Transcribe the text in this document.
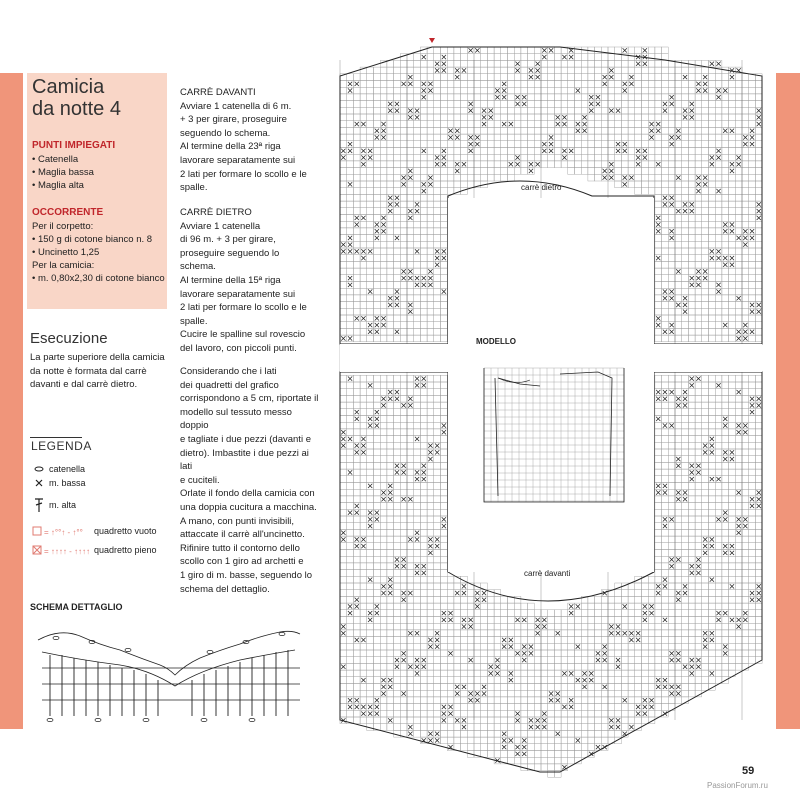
Camicia
da notte 4
PUNTI IMPIEGATI
• Catenella
• Maglia bassa
• Maglia alta
OCCORRENTE
Per il corpetto:
• 150 g di cotone bianco n. 8
• Uncinetto 1,25
Per la camicia:
• m. 0,80x2,30 di cotone bianco
Esecuzione
La parte superiore della camicia da notte è formata dal carrè davanti e dal carrè dietro.
LEGENDA
catenella
m. bassa
m. alta
= ↑°°↑ - ↑°° quadretto vuoto
= ↑↑↑↑ - ↑↑↑↑ quadretto pieno
SCHEMA DETTAGLIO
CARRÈ DAVANTI
Avviare 1 catenella di 6 m.
+ 3 per girare, proseguire
seguendo lo schema.
Al termine della 23ª riga
lavorare separatamente sui
2 lati per formare lo scollo e le
spalle.
CARRÈ DIETRO
Avviare 1 catenella
di 96 m. + 3 per girare,
proseguire seguendo lo
schema.
Al termine della 15ª riga
lavorare separatamente sui
2 lati per formare lo scollo e le
spalle.
Cucire le spalline sul rovescio
del lavoro, con piccoli punti.
Considerando che i lati
dei quadretti del grafico
corrispondono a 5 cm, riportate il
modello sul tessuto messo doppio
e tagliate i due pezzi (davanti e
dietro). Imbastite i due pezzi ai lati
e cuciteli.
Orlate il fondo della camicia con
una doppia cucitura a macchina.
A mano, con punti invisibili,
attaccate il carrè all'uncinetto.
Rifinire tutto il contorno dello
scollo con 1 giro ad archetti e
1 giro di m. basse, seguendo lo
schema del dettaglio.
carrè dietro
carrè davanti
MODELLO
59
PassionForum.ru
